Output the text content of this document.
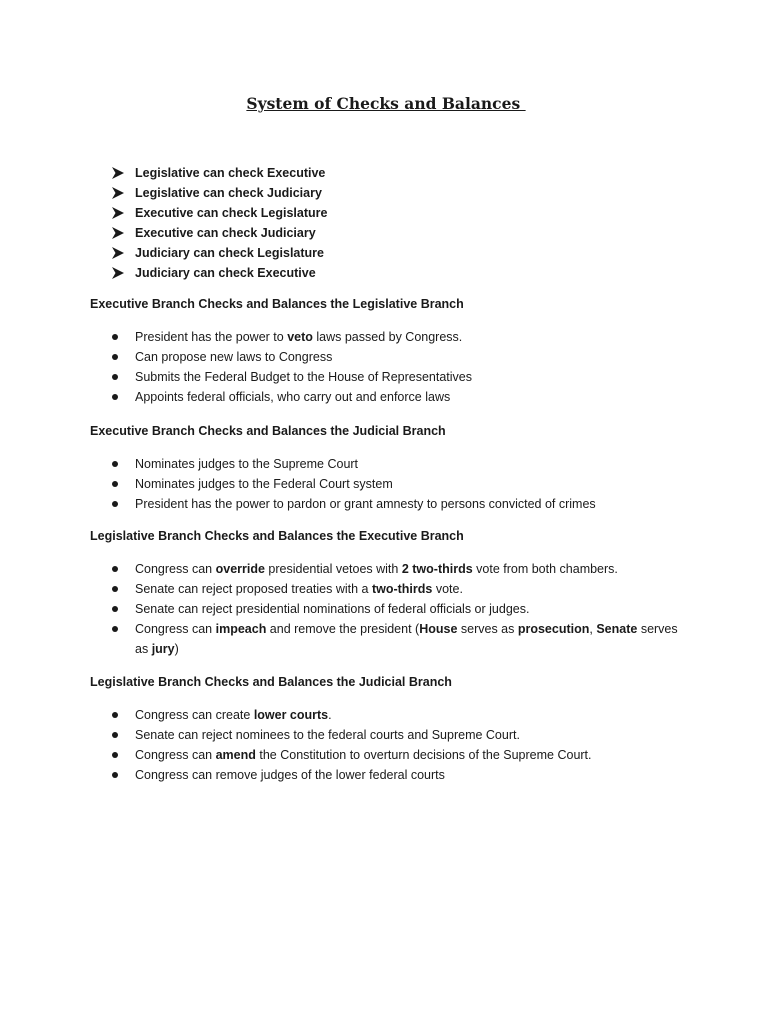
System of Checks and Balances
Legislative can check Executive
Legislative can check Judiciary
Executive can check Legislature
Executive can check Judiciary
Judiciary can check Legislature
Judiciary can check Executive
Executive Branch Checks and Balances the Legislative Branch
President has the power to veto laws passed by Congress.
Can propose new laws to Congress
Submits the Federal Budget to the House of Representatives
Appoints federal officials, who carry out and enforce laws
Executive Branch Checks and Balances the Judicial Branch
Nominates judges to the Supreme Court
Nominates judges to the Federal Court system
President has the power to pardon or grant amnesty to persons convicted of crimes
Legislative Branch Checks and Balances the Executive Branch
Congress can override presidential vetoes with 2 two-thirds vote from both chambers.
Senate can reject proposed treaties with a two-thirds vote.
Senate can reject presidential nominations of federal officials or judges.
Congress can impeach and remove the president (House serves as prosecution, Senate serves as jury)
Legislative Branch Checks and Balances the Judicial Branch
Congress can create lower courts.
Senate can reject nominees to the federal courts and Supreme Court.
Congress can amend the Constitution to overturn decisions of the Supreme Court.
Congress can remove judges of the lower federal courts
